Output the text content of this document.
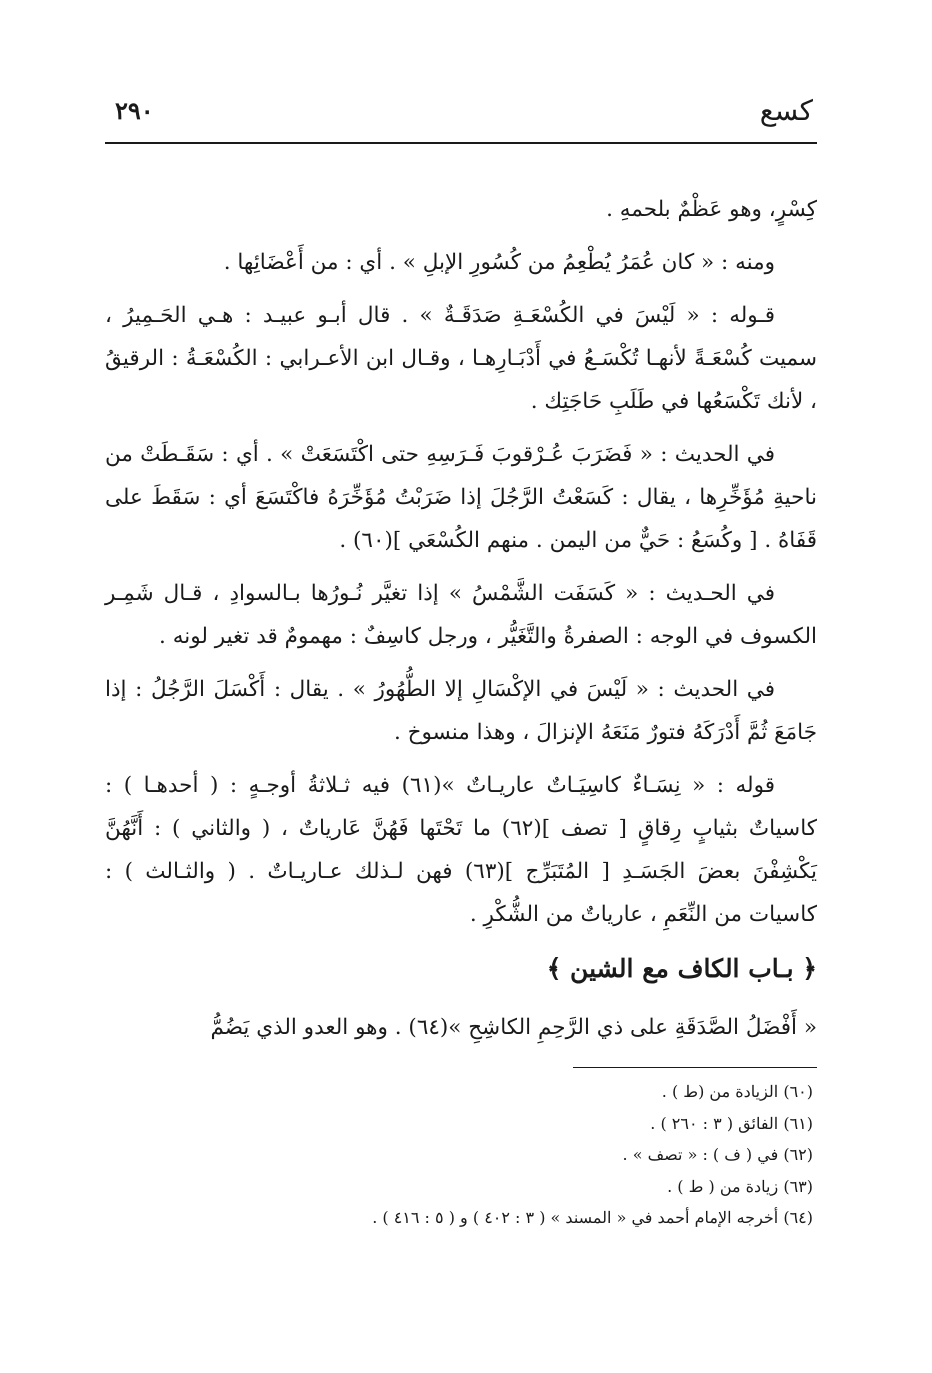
كسع
٢٩٠

كِسْرٍ، وهو عَظْمٌ بلحمهِ .

ومنه : « كان عُمَرُ يُطْعِمُ من كُسُورِ الإبلِ » . أي : من أَعْضَائِها .

قـوله : « لَيْسَ في الكُسْعَـةِ صَدَقَـةٌ » . قال أبـو عبيـد : هـي الحَـمِيرُ ، سميت كُسْعَـةً لأنهـا تُكْسَـعُ في أَدْبَـارِهـا ، وقـال ابن الأعـرابي : الكُسْعَـةُ : الرقيقُ ، لأنك تَكْسَعُها في طَلَبِ حَاجَتِك .

في الحديث : « فَضَرَبَ عُـرْقوبَ فَـرَسِهِ حتى اكْتَسَعَتْ » . أي : سَقَـطَتْ من ناحيةِ مُؤَخِّرِها ، يقال : كَسَعْتُ الرَّجُلَ إذا ضَرَبْتُ مُؤَخِّرَهُ فاكْتَسَعَ أي : سَقَطَ على قَفَاهُ . [ وكُسَعُ : حَيٌّ من اليمن . منهم الكُسْعَي ](٦٠) .

في الحـديث : « كَسَفَت الشَّمْسُ » إذا تغيَّر نُـورُها بـالسوادِ ، قـال شَمِـر الكسوف في الوجه : الصفرةُ والتَّغَيُّر ، ورجل كاسِفٌ : مهمومٌ قد تغير لونه .

في الحديث : « لَيْسَ في الإكْسَالِ إلا الطُّهُورُ » . يقال : أَكْسَلَ الرَّجُلُ : إذا جَامَعَ ثُمَّ أَدْرَكَهُ فتورٌ مَنَعَهُ الإنزالَ ، وهذا منسوخ .

قوله : « نِسَـاءٌ كاسِيَـاتٌ عاريـاتٌ »(٦١) فيه ثـلاثةُ أوجـهٍ : ( أحدهـا ) : كاسياتٌ بثيابٍ رِقاقٍ [ تصف ](٦٢) ما تَحْتَها فَهُنَّ عَارياتٌ ، ( والثاني ) : أَنَّهُنَّ يَكْشِفْنَ بعضَ الجَسَـدِ [ المُتَبَرِّج ](٦٣) فهن لـذلك عـاريـاتٌ . ( والثـالث ) : كاسيات من النِّعَمِ ، عارياتٌ من الشُّكْرِ .

﴿ بـاب الكاف مع الشين ﴾

« أَفْضَلُ الصَّدَقَةِ على ذي الرَّحِمِ الكاشِحِ »(٦٤) . وهو العدو الذي يَضُمُّ

(٦٠) الزيادة من (ط ) .
(٦١) الفائق ( ٣ : ٢٦٠ ) .
(٦٢) في ( ف ) : « تصف » .
(٦٣) زيادة من ( ط ) .
(٦٤) أخرجه الإمام أحمد في « المسند » ( ٣ : ٤٠٢ ) و ( ٥ : ٤١٦ ) .
